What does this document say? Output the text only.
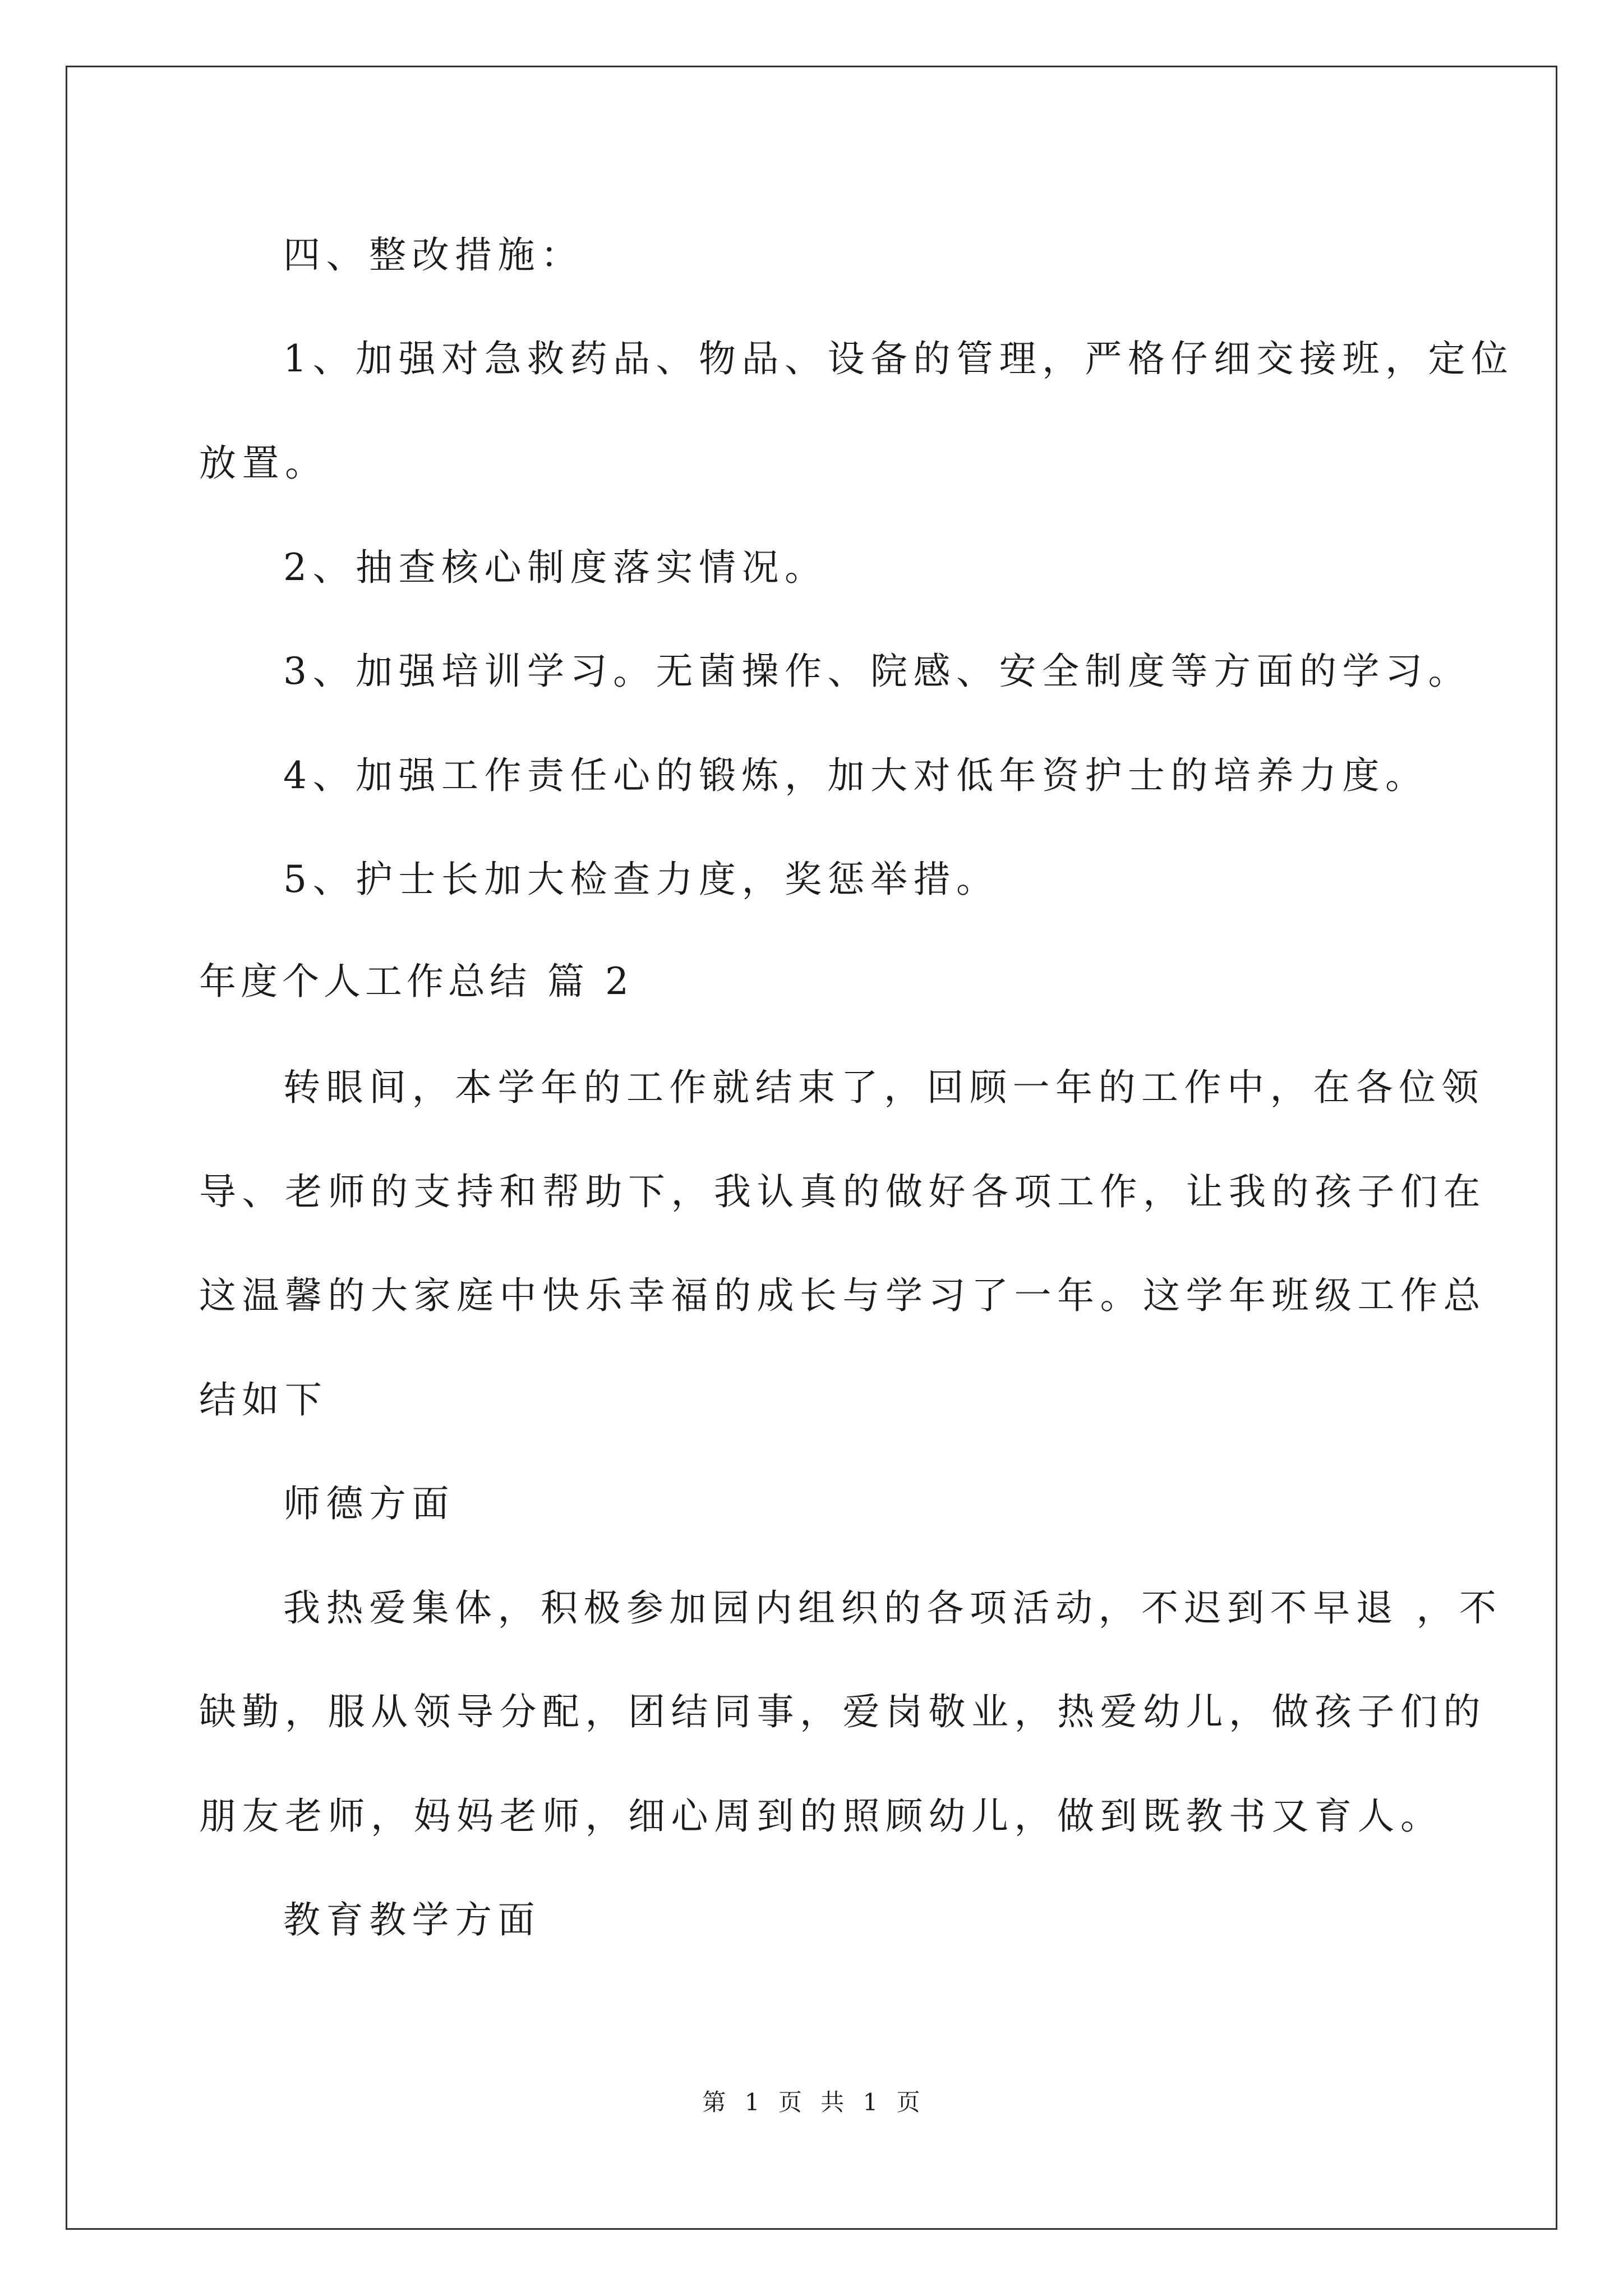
四、整改措施：
1、加强对急救药品、物品、设备的管理，严格仔细交接班，定位
放置。
2、抽查核心制度落实情况。
3、加强培训学习。无菌操作、院感、安全制度等方面的学习。
4、加强工作责任心的锻炼，加大对低年资护士的培养力度。
5、护士长加大检查力度，奖惩举措。
年度个人工作总结 篇 2
转眼间，本学年的工作就结束了，回顾一年的工作中，在各位领
导、老师的支持和帮助下，我认真的做好各项工作，让我的孩子们在
这温馨的大家庭中快乐幸福的成长与学习了一年。这学年班级工作总
结如下
师德方面
我热爱集体，积极参加园内组织的各项活动，不迟到不早退 ，不
缺勤，服从领导分配，团结同事，爱岗敬业，热爱幼儿，做孩子们的
朋友老师，妈妈老师，细心周到的照顾幼儿，做到既教书又育人。
教育教学方面
第 1 页 共 1 页
